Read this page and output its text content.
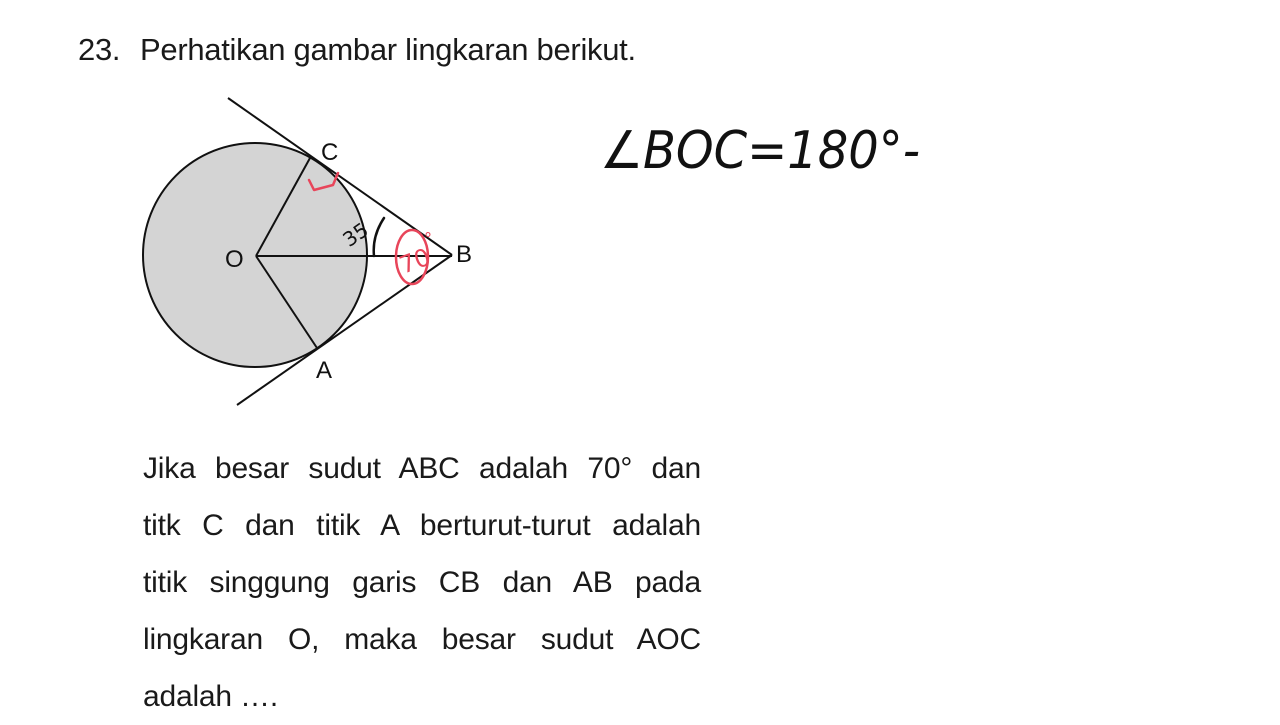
23. Perhatikan gambar lingkaran berikut.
C
O	B
A
35
70
°
Jika besar sudut ABC adalah 70° dan
titk C dan titik A berturut-turut adalah
titik singgung garis CB dan AB pada
lingkaran O, maka besar sudut AOC
adalah ….
∠BOC=180°-
